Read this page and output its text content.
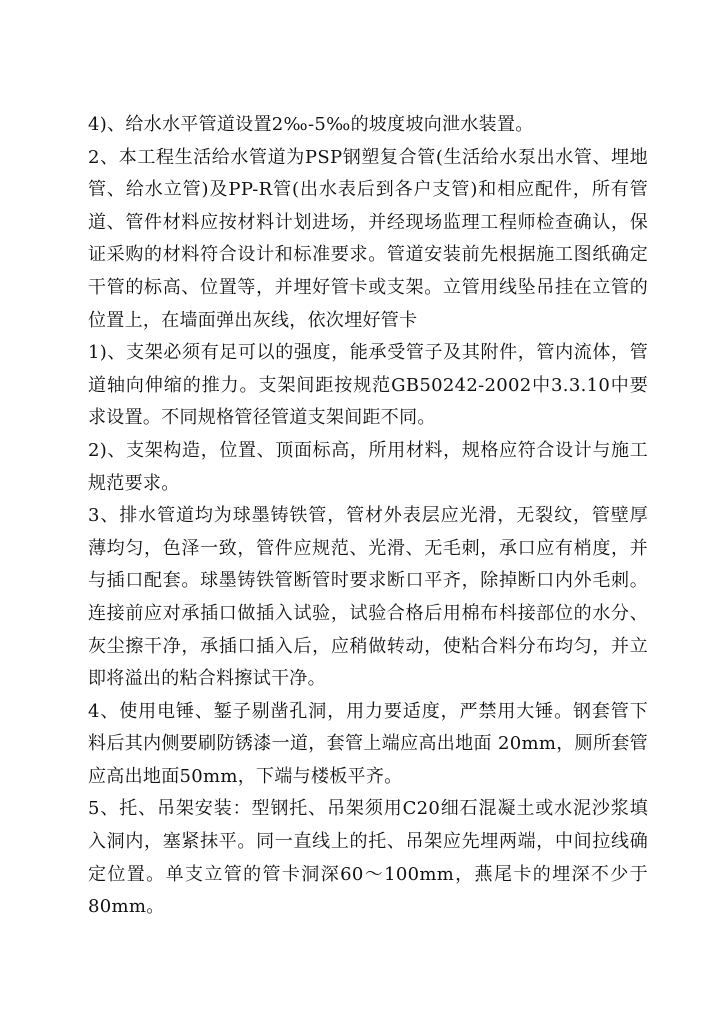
4)、给水水平管道设置2‰-5‰的坡度坡向泄水装置。

2、本工程生活给水管道为PSP钢塑复合管(生活给水泵出水管、埋地管、给水立管)及PP-R管(出水表后到各户支管)和相应配件，所有管道、管件材料应按材料计划进场，并经现场监理工程师检查确认，保证采购的材料符合设计和标准要求。管道安装前先根据施工图纸确定干管的标高、位置等，并埋好管卡或支架。立管用线坠吊挂在立管的位置上，在墙面弹出灰线，依次埋好管卡

1)、支架必须有足可以的强度，能承受管子及其附件，管内流体，管道轴向伸缩的推力。支架间距按规范GB50242-2002中3.3.10中要求设置。不同规格管径管道支架间距不同。

2)、支架构造，位置、顶面标高，所用材料，规格应符合设计与施工规范要求。

3、排水管道均为球墨铸铁管，管材外表层应光滑，无裂纹，管壁厚薄均匀，色泽一致，管件应规范、光滑、无毛刺，承口应有梢度，并与插口配套。球墨铸铁管断管时要求断口平齐，除掉断口内外毛刺。连接前应对承插口做插入试验，试验合格后用棉布枓接部位的水分、灰尘擦干净，承插口插入后，应稍做转动，使粘合料分布均匀，并立即将溢出的粘合料擦试干净。

4、使用电锤、錾子剔凿孔洞，用力要适度，严禁用大锤。钢套管下料后其内侧要刷防锈漆一道，套管上端应高出地面 20mm，厕所套管应高出地面50mm，下端与楼板平齐。

5、托、吊架安装：型钢托、吊架须用C20细石混凝土或水泥沙浆填入洞内，塞紧抹平。同一直线上的托、吊架应先埋两端，中间拉线确定位置。单支立管的管卡洞深60～100mm，燕尾卡的埋深不少于80mm。
